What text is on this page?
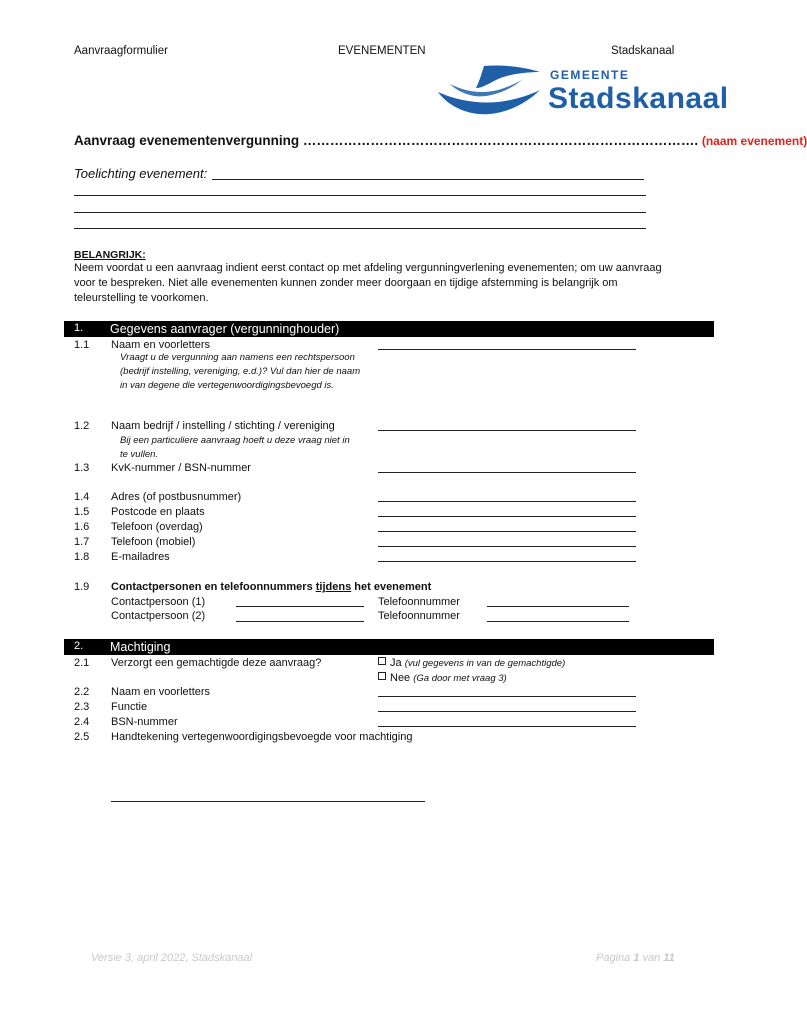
Aanvraagformulier	EVENEMENTEN	Stadskanaal
GEMEENTE
Stadskanaal
Aanvraag evenementenvergunning ……………………………………………………………………………. (naam evenement)
Toelichting evenement:
BELANGRIJK:
Neem voordat u een aanvraag indient eerst contact op met afdeling vergunningverlening evenementen; om uw aanvraag voor te bespreken. Niet alle evenementen kunnen zonder meer doorgaan en tijdige afstemming is belangrijk om teleurstelling te voorkomen.
1. Gegevens aanvrager (vergunninghouder)
1.1 Naam en voorletters
Vraagt u de vergunning aan namens een rechtspersoon (bedrijf instelling, vereniging, e.d.)? Vul dan hier de naam in van degene die vertegenwoordigingsbevoegd is.
1.2 Naam bedrijf / instelling / stichting / vereniging
Bij een particuliere aanvraag hoeft u deze vraag niet in te vullen.
1.3 KvK-nummer / BSN-nummer
1.4 Adres (of postbusnummer)
1.5 Postcode en plaats
1.6 Telefoon (overdag)
1.7 Telefoon (mobiel)
1.8 E-mailadres
1.9 Contactpersonen en telefoonnummers tijdens het evenement
Contactpersoon (1)	Telefoonnummer
Contactpersoon (2)	Telefoonnummer
2. Machtiging
2.1 Verzorgt een gemachtigde deze aanvraag?	Ja (vul gegevens in van de gemachtigde)
Nee (Ga door met vraag 3)
2.2 Naam en voorletters
2.3 Functie
2.4 BSN-nummer
2.5 Handtekening vertegenwoordigingsbevoegde voor machtiging
Versie 3, april 2022, Stadskanaal	Pagina 1 van 11
